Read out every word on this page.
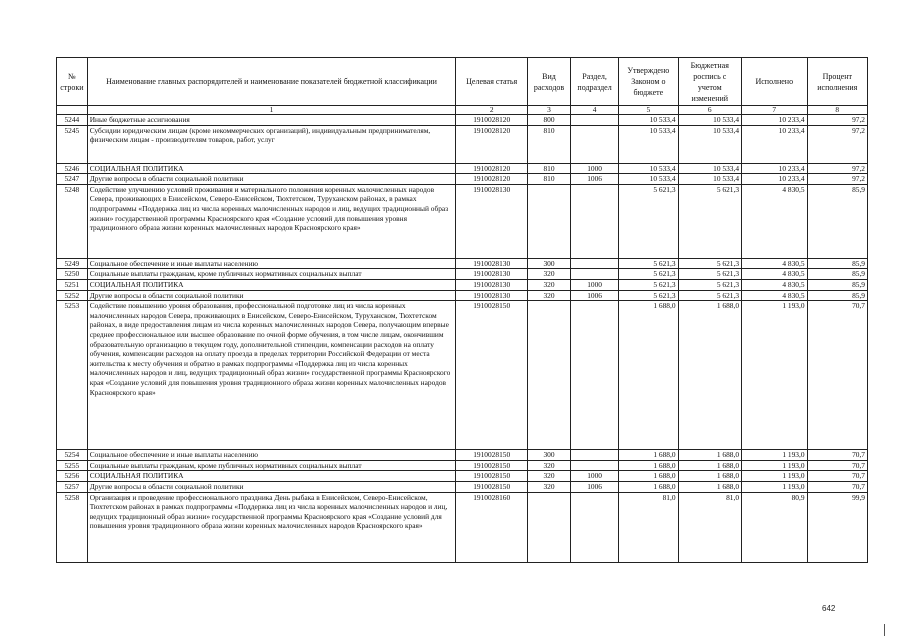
№ строки	Наименование главных распорядителей и наименование показателей бюджетной классификации	Целевая статья	Вид расходов	Раздел, подраздел	Утверждено Законом о бюджете	Бюджетная роспись с учетом изменений	Исполнено	Процент исполнения
	1	2	3	4	5	6	7	8
5244	Иные бюджетные ассигнования	1910028120	800		10 533,4	10 533,4	10 233,4	97,2
5245	Субсидии юридическим лицам (кроме некоммерческих организаций), индивидуальным предпринимателям, физическим лицам - производителям товаров, работ, услуг	1910028120	810		10 533,4	10 533,4	10 233,4	97,2
5246	СОЦИАЛЬНАЯ ПОЛИТИКА	1910028120	810	1000	10 533,4	10 533,4	10 233,4	97,2
5247	Другие вопросы в области социальной политики	1910028120	810	1006	10 533,4	10 533,4	10 233,4	97,2
5248	Содействие улучшению условий проживания и материального положения коренных малочисленных народов Севера, проживающих в Енисейском, Северо-Енисейском, Тюхтетском, Туруханском районах, в рамках подпрограммы «Поддержка лиц из числа коренных малочисленных народов и лиц, ведущих традиционный образ жизни» государственной программы Красноярского края «Создание условий для повышения уровня традиционного образа жизни коренных малочисленных народов Красноярского края»	1910028130			5 621,3	5 621,3	4 830,5	85,9
5249	Социальное обеспечение и иные выплаты населению	1910028130	300		5 621,3	5 621,3	4 830,5	85,9
5250	Социальные выплаты гражданам, кроме публичных нормативных социальных выплат	1910028130	320		5 621,3	5 621,3	4 830,5	85,9
5251	СОЦИАЛЬНАЯ ПОЛИТИКА	1910028130	320	1000	5 621,3	5 621,3	4 830,5	85,9
5252	Другие вопросы в области социальной политики	1910028130	320	1006	5 621,3	5 621,3	4 830,5	85,9
5253	Содействие повышению уровня образования, профессиональной подготовке лиц из числа коренных малочисленных народов Севера, проживающих в Енисейском, Северо-Енисейском, Туруханском, Тюхтетском районах, в виде предоставления лицам из числа коренных малочисленных народов Севера, получающим впервые среднее профессиональное или высшее образование по очной форме обучения, в том числе лицам, окончившим образовательную организацию в текущем году, дополнительной стипендии, компенсации расходов на оплату обучения, компенсации расходов на оплату проезда в пределах территории Российской Федерации от места жительства к месту обучения и обратно в рамках подпрограммы «Поддержка лиц из числа коренных малочисленных народов и лиц, ведущих традиционный образ жизни» государственной программы Красноярского края «Создание условий для повышения уровня традиционного образа жизни коренных малочисленных народов Красноярского края»	1910028150			1 688,0	1 688,0	1 193,0	70,7
5254	Социальное обеспечение и иные выплаты населению	1910028150	300		1 688,0	1 688,0	1 193,0	70,7
5255	Социальные выплаты гражданам, кроме публичных нормативных социальных выплат	1910028150	320		1 688,0	1 688,0	1 193,0	70,7
5256	СОЦИАЛЬНАЯ ПОЛИТИКА	1910028150	320	1000	1 688,0	1 688,0	1 193,0	70,7
5257	Другие вопросы в области социальной политики	1910028150	320	1006	1 688,0	1 688,0	1 193,0	70,7
5258	Организация и проведение профессионального праздника День рыбака в Енисейском, Северо-Енисейском, Тюхтетском районах в рамках подпрограммы «Поддержка лиц из числа коренных малочисленных народов и лиц, ведущих традиционный образ жизни» государственной программы Красноярского края «Создание условий для повышения уровня традиционного образа жизни коренных малочисленных народов Красноярского края»	1910028160			81,0	81,0	80,9	99,9
642
